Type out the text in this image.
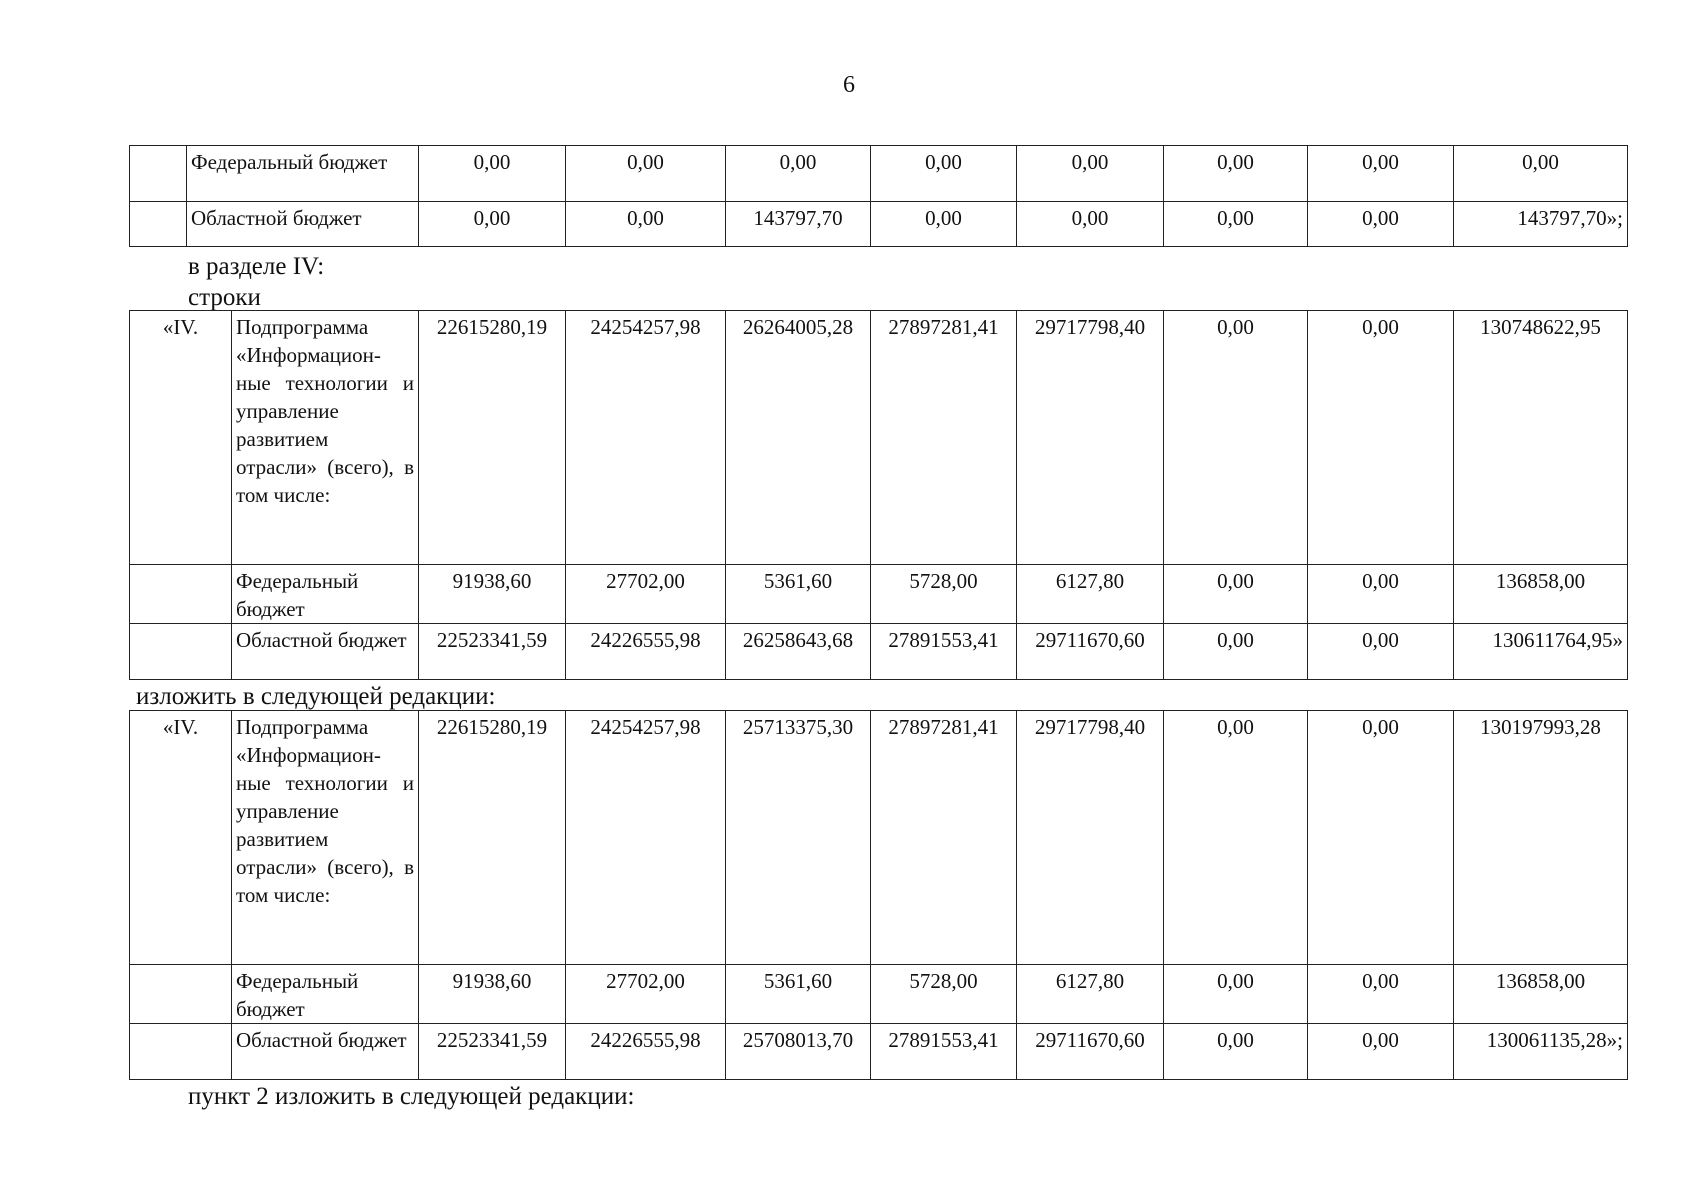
6
	Федеральный бюджет	0,00	0,00	0,00	0,00	0,00	0,00	0,00	0,00
	Областной бюджет	0,00	0,00	143797,70	0,00	0,00	0,00	0,00	143797,70»;
в разделе IV:
строки
«IV.	Подпрограмма «Информацион-ные технологии и управление развитием отрасли» (всего), в том числе:	22615280,19	24254257,98	26264005,28	27897281,41	29717798,40	0,00	0,00	130748622,95
	Федеральный бюджет	91938,60	27702,00	5361,60	5728,00	6127,80	0,00	0,00	136858,00
	Областной бюджет	22523341,59	24226555,98	26258643,68	27891553,41	29711670,60	0,00	0,00	130611764,95»
изложить в следующей редакции:
«IV.	Подпрограмма «Информацион-ные технологии и управление развитием отрасли» (всего), в том числе:	22615280,19	24254257,98	25713375,30	27897281,41	29717798,40	0,00	0,00	130197993,28
	Федеральный бюджет	91938,60	27702,00	5361,60	5728,00	6127,80	0,00	0,00	136858,00
	Областной бюджет	22523341,59	24226555,98	25708013,70	27891553,41	29711670,60	0,00	0,00	130061135,28»;
пункт 2 изложить в следующей редакции:
